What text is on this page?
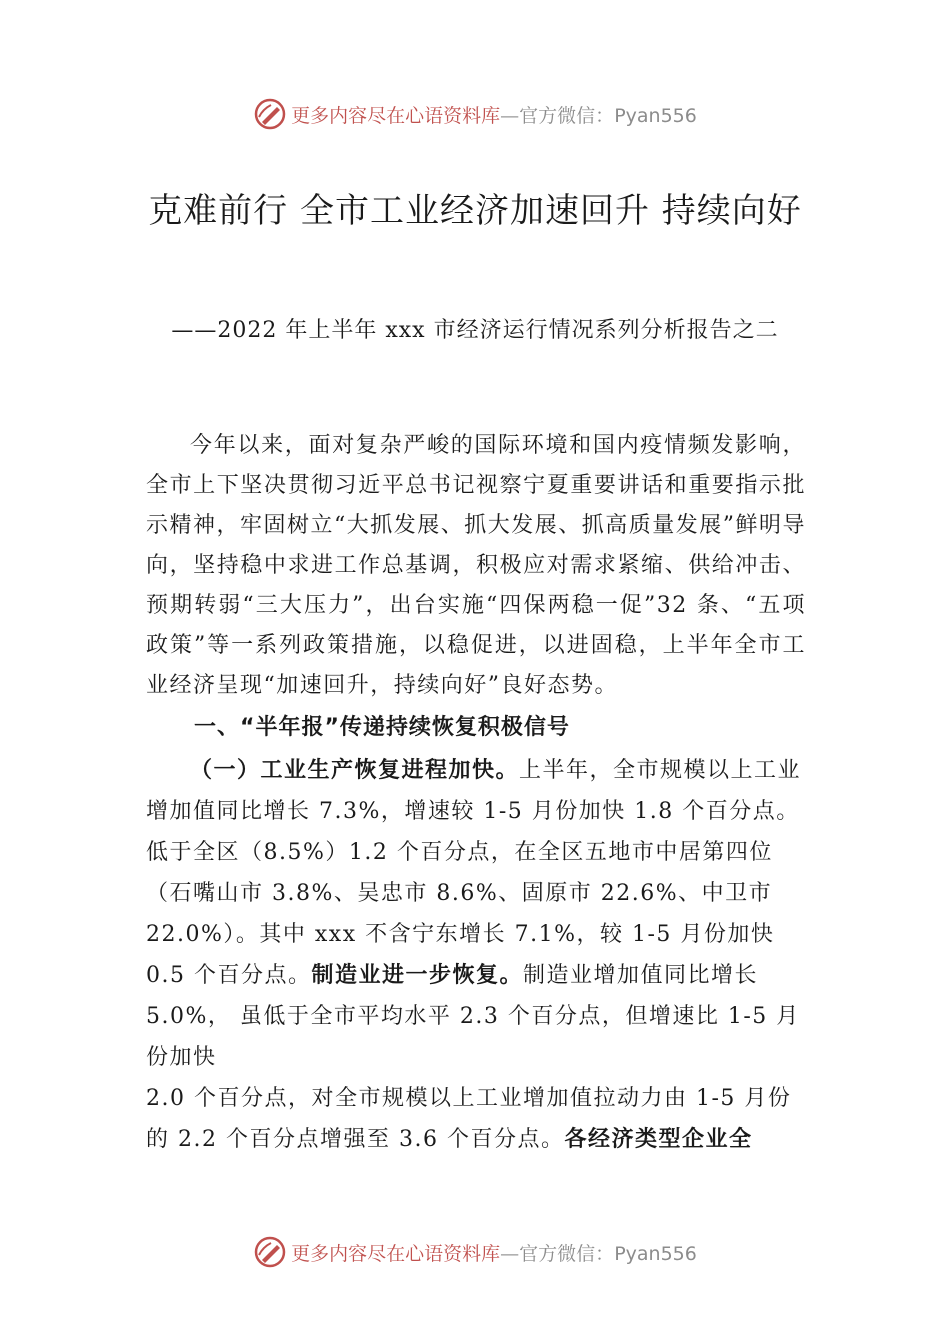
更多内容尽在心语资料库—官方微信：Pyan556
克难前行 全市工业经济加速回升 持续向好

——2022 年上半年 xxx 市经济运行情况系列分析报告之二

今年以来，面对复杂严峻的国际环境和国内疫情频发影响，全市上下坚决贯彻习近平总书记视察宁夏重要讲话和重要指示批示精神，牢固树立“大抓发展、抓大发展、抓高质量发展”鲜明导向，坚持稳中求进工作总基调，积极应对需求紧缩、供给冲击、预期转弱“三大压力”，出台实施“四保两稳一促”32 条、“五项政策”等一系列政策措施，以稳促进，以进固稳，上半年全市工业经济呈现“加速回升，持续向好”良好态势。

一、“半年报”传递持续恢复积极信号

（一）工业生产恢复进程加快。上半年，全市规模以上工业增加值同比增长 7.3%，增速较 1-5 月份加快 1.8 个百分点。低于全区（8.5%）1.2 个百分点，在全区五地市中居第四位（石嘴山市 3.8%、吴忠市 8.6%、固原市 22.6%、中卫市 22.0%）。其中 xxx 不含宁东增长 7.1%，较 1-5 月份加快 0.5 个百分点。制造业进一步恢复。制造业增加值同比增长 5.0%， 虽低于全市平均水平 2.3 个百分点，但增速比 1-5 月份加快

2.0 个百分点，对全市规模以上工业增加值拉动力由 1-5 月份的 2.2 个百分点增强至 3.6 个百分点。各经济类型企业全

更多内容尽在心语资料库—官方微信：Pyan556
